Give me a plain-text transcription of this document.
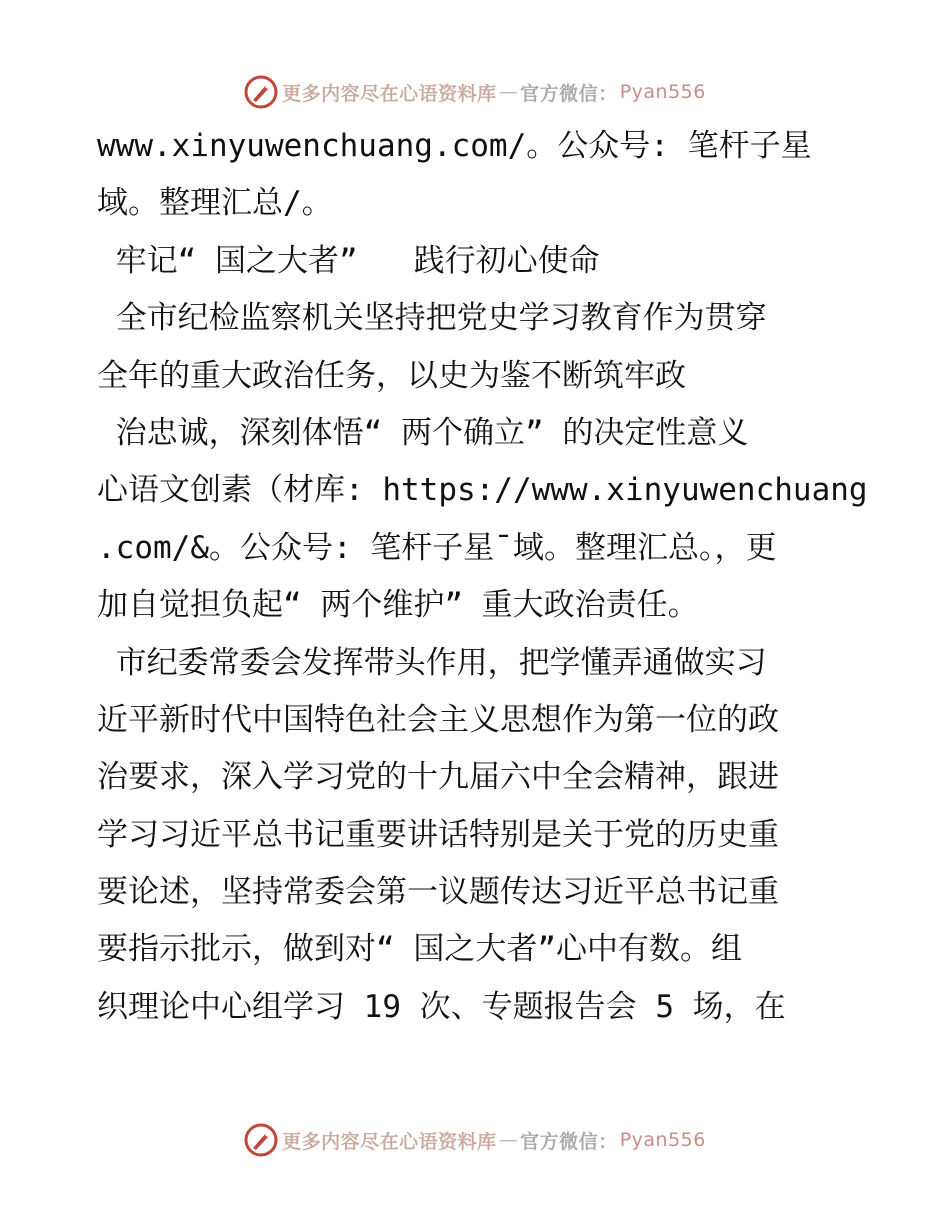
更多内容尽在心语资料库 — 官方微信： Pyan556
www.xinyuwenchuang.com/。公众号: 笔杆子星
域。整理汇总/。
牢记“ 国之大者”   践行初心使命
全市纪检监察机关坚持把党史学习教育作为贯穿
全年的重大政治任务，以史为鉴不断筑牢政
治忠诚，深刻体悟“ 两个确立” 的决定性意义
心语文创素（材库: https://www.xinyuwenchuang
.com/&。公众号: 笔杆子星¯域。整理汇总。，更
加自觉担负起“ 两个维护” 重大政治责任。
市纪委常委会发挥带头作用，把学懂弄通做实习
近平新时代中国特色社会主义思想作为第一位的政
治要求，深入学习党的十九届六中全会精神，跟进
学习习近平总书记重要讲话特别是关于党的历史重
要论述，坚持常委会第一议题传达习近平总书记重
要指示批示，做到对“ 国之大者”心中有数。组
织理论中心组学习 19 次、专题报告会 5 场，在
更多内容尽在心语资料库 — 官方微信： Pyan556
